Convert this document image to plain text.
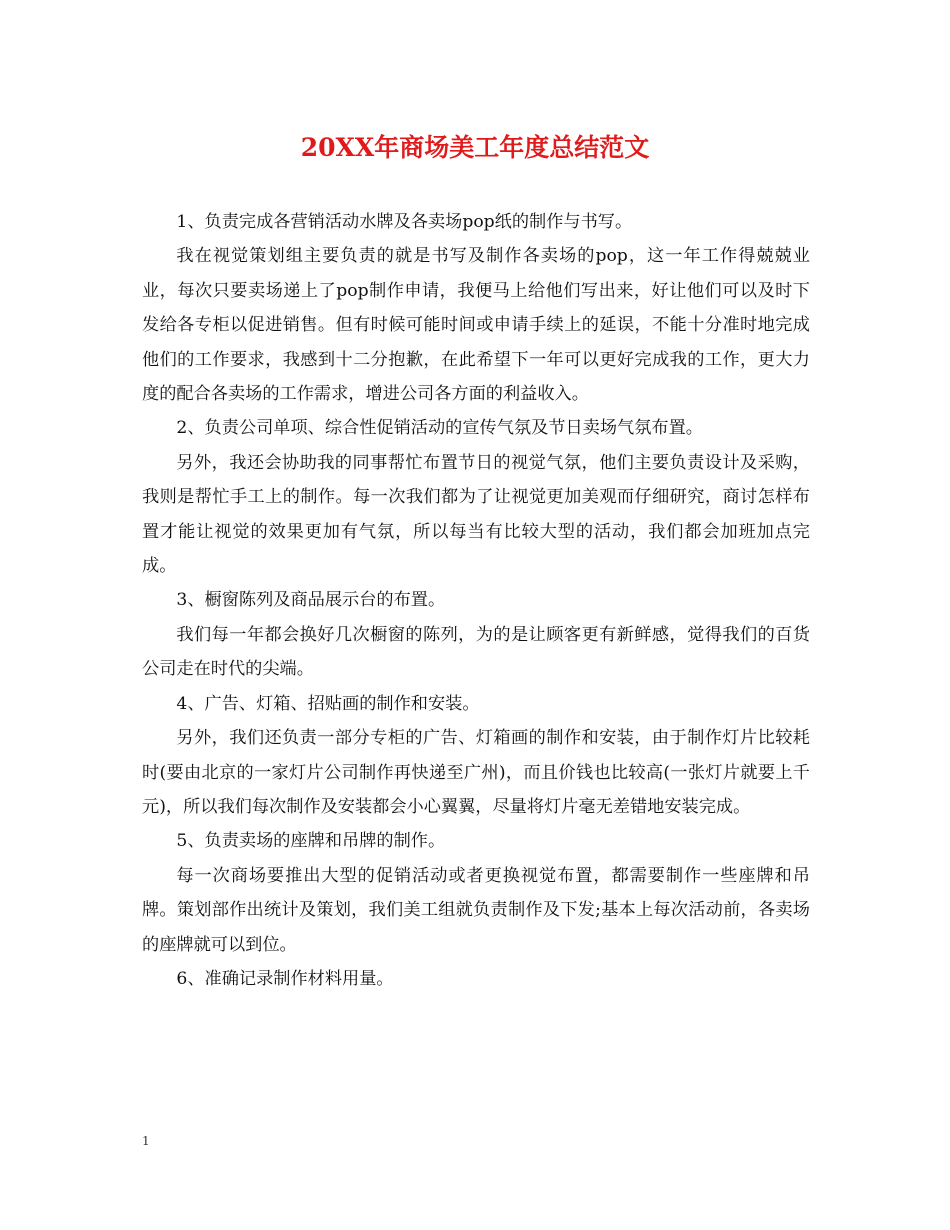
20XX年商场美工年度总结范文

1、负责完成各营销活动水牌及各卖场pop纸的制作与书写。

我在视觉策划组主要负责的就是书写及制作各卖场的pop，这一年工作得兢兢业业，每次只要卖场递上了pop制作申请，我便马上给他们写出来，好让他们可以及时下发给各专柜以促进销售。但有时候可能时间或申请手续上的延误，不能十分准时地完成他们的工作要求，我感到十二分抱歉，在此希望下一年可以更好完成我的工作，更大力度的配合各卖场的工作需求，增进公司各方面的利益收入。

2、负责公司单项、综合性促销活动的宣传气氛及节日卖场气氛布置。

另外，我还会协助我的同事帮忙布置节日的视觉气氛，他们主要负责设计及采购，我则是帮忙手工上的制作。每一次我们都为了让视觉更加美观而仔细研究，商讨怎样布置才能让视觉的效果更加有气氛，所以每当有比较大型的活动，我们都会加班加点完成。

3、橱窗陈列及商品展示台的布置。

我们每一年都会换好几次橱窗的陈列，为的是让顾客更有新鲜感，觉得我们的百货公司走在时代的尖端。

4、广告、灯箱、招贴画的制作和安装。

另外，我们还负责一部分专柜的广告、灯箱画的制作和安装，由于制作灯片比较耗时(要由北京的一家灯片公司制作再快递至广州)，而且价钱也比较高(一张灯片就要上千元)，所以我们每次制作及安装都会小心翼翼，尽量将灯片毫无差错地安装完成。

5、负责卖场的座牌和吊牌的制作。

每一次商场要推出大型的促销活动或者更换视觉布置，都需要制作一些座牌和吊牌。策划部作出统计及策划，我们美工组就负责制作及下发;基本上每次活动前，各卖场的座牌就可以到位。

6、准确记录制作材料用量。

1
